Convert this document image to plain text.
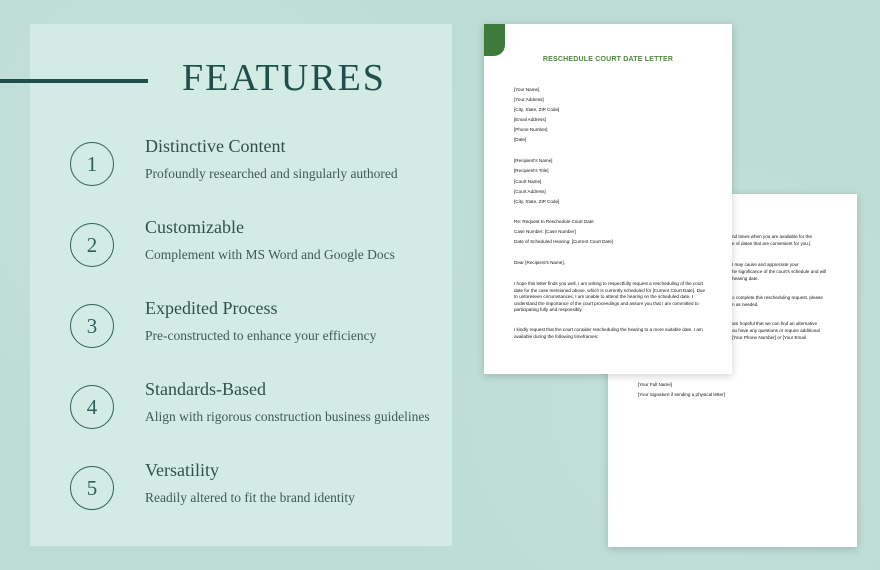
FEATURES
1
Distinctive Content
Profoundly researched and singularly authored
2
Customizable
Complement with MS Word and Google Docs
3
Expedited Process
Pre-constructed to enhance your efficiency
4
Standards-Based
Align with rigorous construction business guidelines
5
Versatility
Readily altered to fit the brand identity
nd times when you are available for the
e of dates that are convenient for you.]
I may cause and appreciate your
he significance of the court's schedule and will
hearing date.
o complete this rescheduling request, please
n as needed.
am hopeful that we can find an alternative
ou have any questions or require additional
[Your Phone Number] or [Your Email
[Your Full Name]
[Your Signature if sending a physical letter]
RESCHEDULE COURT DATE LETTER
[Your Name]
[Your Address]
[City, State, ZIP Code]
[Email Address]
[Phone Number]
[Date]
[Recipient's Name]
[Recipient's Title]
[Court Name]
[Court Address]
[City, State, ZIP Code]
Re: Request to Reschedule Court Date
Case Number: [Case Number]
Date of Scheduled Hearing: [Current Court Date]
Dear [Recipient's Name],
I hope this letter finds you well. I am writing to respectfully request a rescheduling of the court date for the case mentioned above, which is currently scheduled for [Current Court Date]. Due to unforeseen circumstances, I am unable to attend the hearing on the scheduled date. I understand the importance of the court proceedings and assure you that I am committed to participating fully and responsibly.
I kindly request that the court consider rescheduling the hearing to a more suitable date. I am available during the following timeframes:
